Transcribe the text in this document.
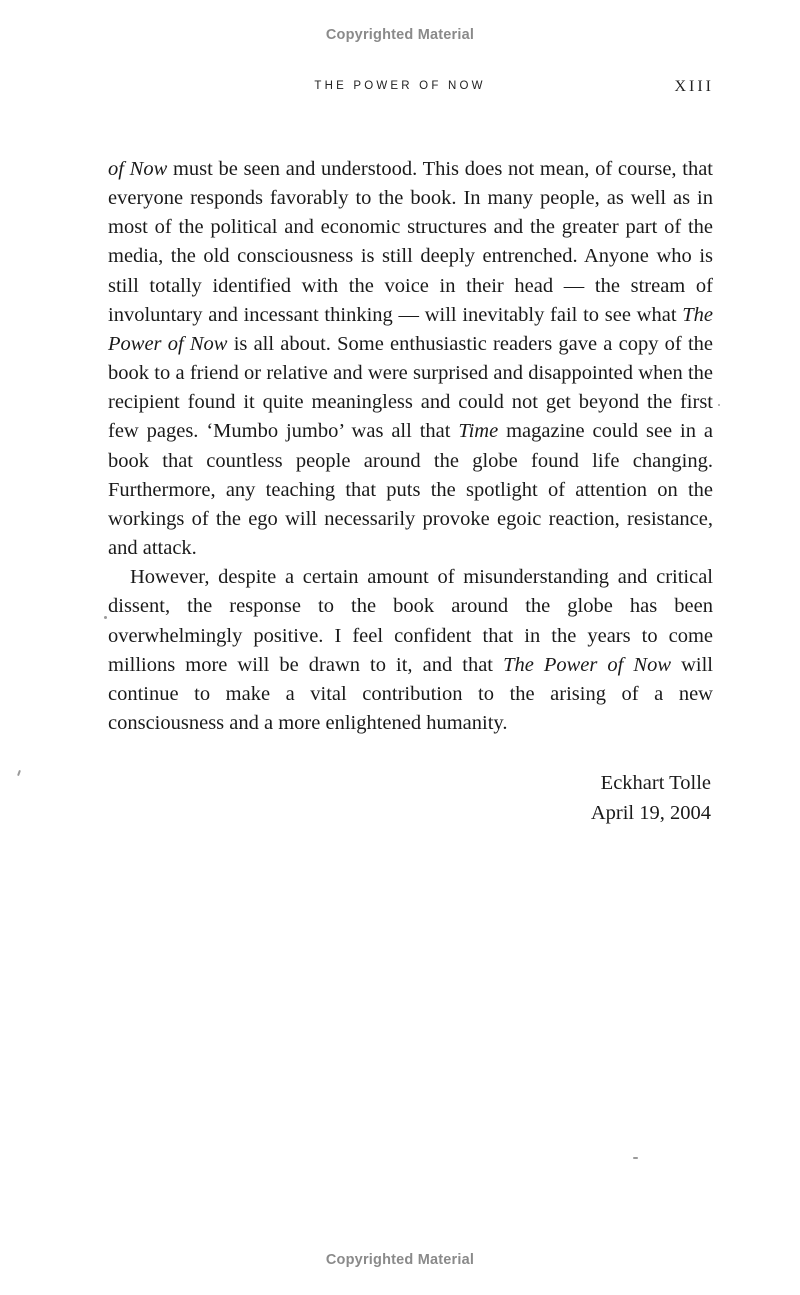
Copyrighted Material
THE POWER OF NOW	XIII

of Now must be seen and understood. This does not mean, of course, that everyone responds favorably to the book. In many people, as well as in most of the political and economic structures and the greater part of the media, the old consciousness is still deeply entrenched. Anyone who is still totally identified with the voice in their head — the stream of involuntary and incessant thinking — will inevitably fail to see what The Power of Now is all about. Some enthusiastic readers gave a copy of the book to a friend or relative and were surprised and disappointed when the recipient found it quite meaningless and could not get beyond the first few pages. ‘Mumbo jumbo’ was all that Time magazine could see in a book that countless people around the globe found life changing. Furthermore, any teaching that puts the spotlight of attention on the workings of the ego will necessarily provoke egoic reaction, resistance, and attack.

However, despite a certain amount of misunderstanding and critical dissent, the response to the book around the globe has been overwhelmingly positive. I feel confident that in the years to come millions more will be drawn to it, and that The Power of Now will continue to make a vital contribution to the arising of a new consciousness and a more enlightened humanity.

Eckhart Tolle
April 19, 2004
Copyrighted Material
